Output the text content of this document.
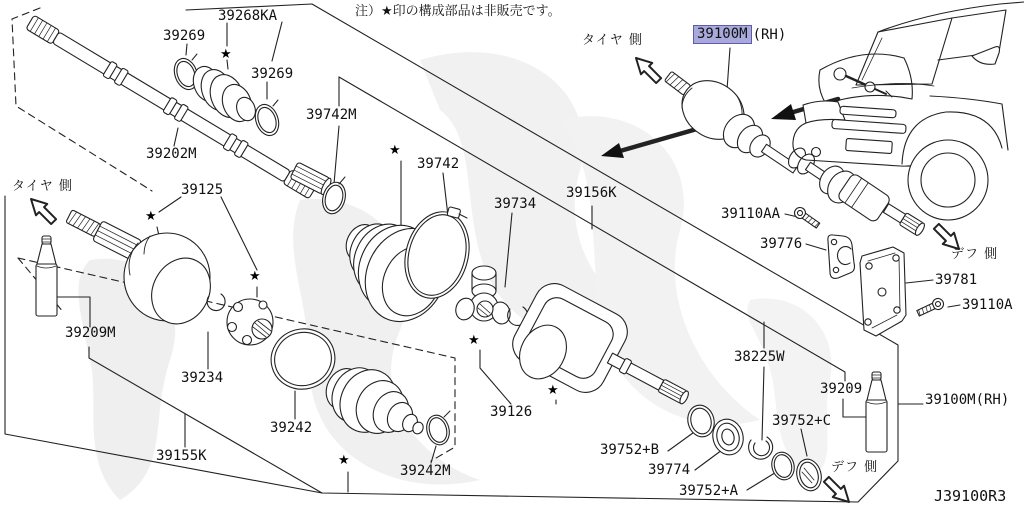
注）★印の構成部品は非販売です。
39100M (RH)
J39100R3
39268KA
39269
39269
39202M
39125
39742M
39742
39734
39156K
39110AA
39776
39781
39110A
38225W
39209
39100M(RH)
39752+C
39752+B
39774
39752+A
39209M
39234
39242
39155K
39242M
39126
タイヤ 側
タイヤ 側
デフ 側
デフ 側
★
★
★
★
★
★
★
